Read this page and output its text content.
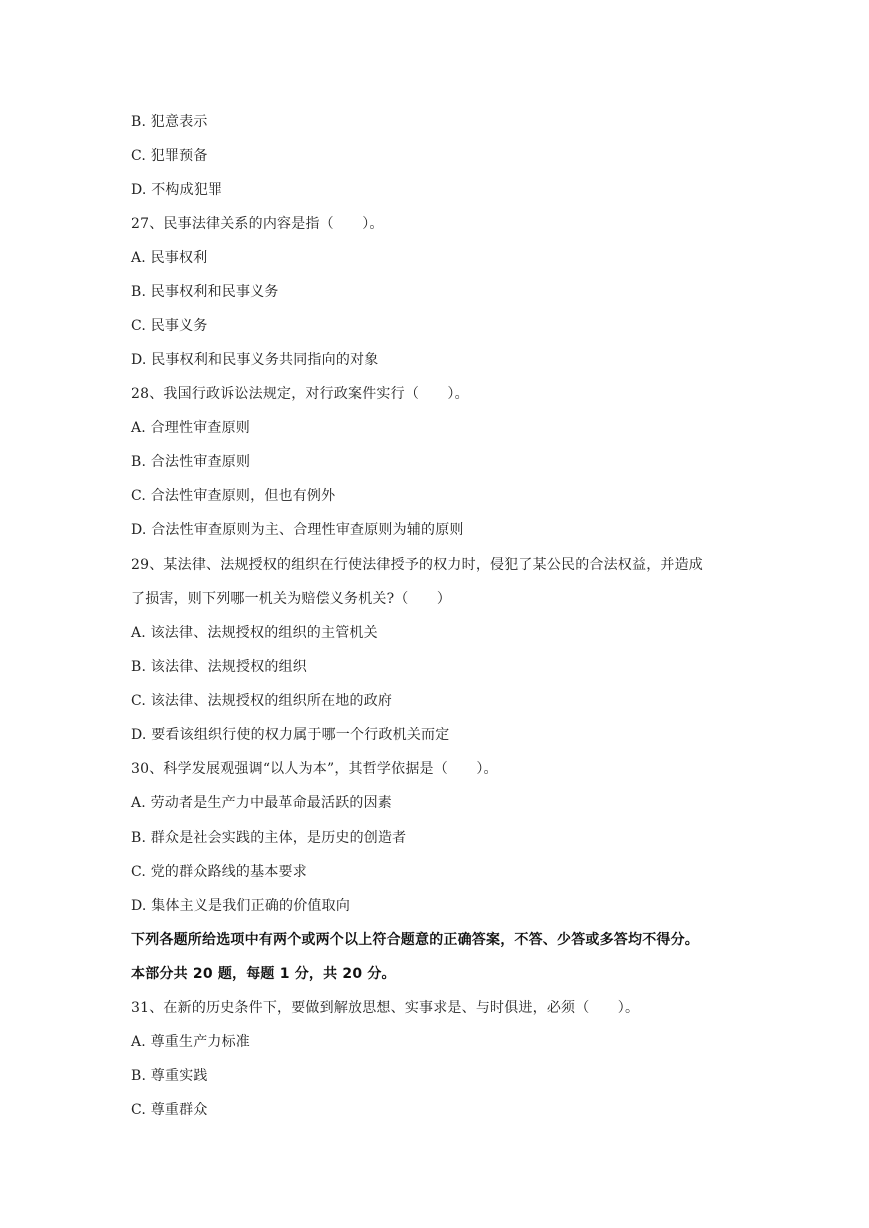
B. 犯意表示
C. 犯罪预备
D. 不构成犯罪
27、民事法律关系的内容是指（　　）。
A. 民事权利
B. 民事权利和民事义务
C. 民事义务
D. 民事权利和民事义务共同指向的对象
28、我国行政诉讼法规定，对行政案件实行（　　）。
A. 合理性审查原则
B. 合法性审查原则
C. 合法性审查原则，但也有例外
D. 合法性审查原则为主、合理性审查原则为辅的原则
29、某法律、法规授权的组织在行使法律授予的权力时，侵犯了某公民的合法权益，并造成
了损害，则下列哪一机关为赔偿义务机关?（　　）
A. 该法律、法规授权的组织的主管机关
B. 该法律、法规授权的组织
C. 该法律、法规授权的组织所在地的政府
D. 要看该组织行使的权力属于哪一个行政机关而定
30、科学发展观强调“以人为本”，其哲学依据是（　　）。
A. 劳动者是生产力中最革命最活跃的因素
B. 群众是社会实践的主体，是历史的创造者
C. 党的群众路线的基本要求
D. 集体主义是我们正确的价值取向
下列各题所给选项中有两个或两个以上符合题意的正确答案，不答、少答或多答均不得分。
本部分共 20 题，每题 1 分，共 20 分。
31、在新的历史条件下，要做到解放思想、实事求是、与时俱进，必须（　　）。
A. 尊重生产力标准
B. 尊重实践
C. 尊重群众
